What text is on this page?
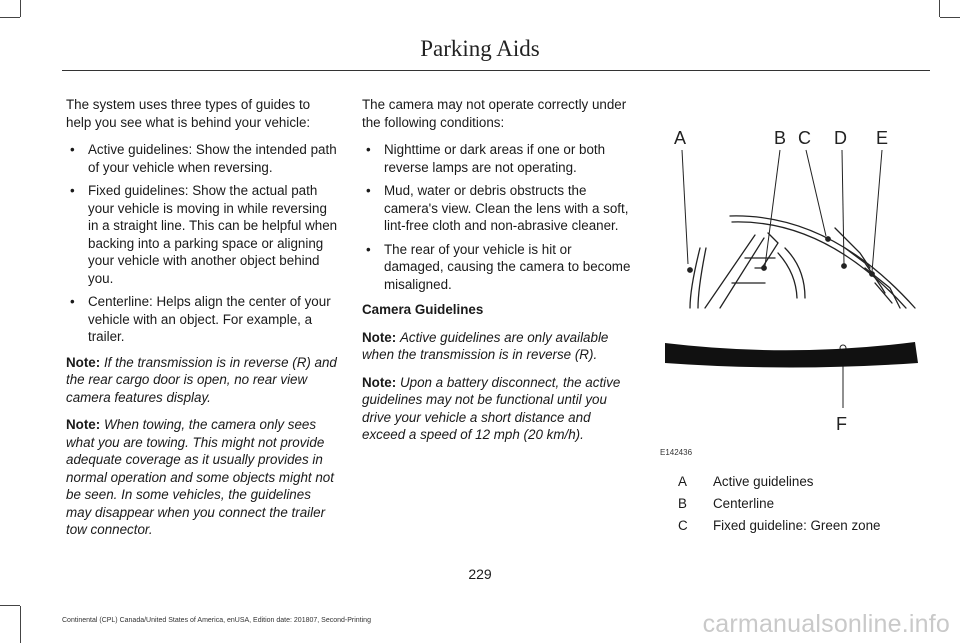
Parking Aids

The system uses three types of guides to help you see what is behind your vehicle:

• Active guidelines: Show the intended path of your vehicle when reversing.
• Fixed guidelines: Show the actual path your vehicle is moving in while reversing in a straight line. This can be helpful when backing into a parking space or aligning your vehicle with another object behind you.
• Centerline: Helps align the center of your vehicle with an object. For example, a trailer.

Note: If the transmission is in reverse (R) and the rear cargo door is open, no rear view camera features display.

Note: When towing, the camera only sees what you are towing. This might not provide adequate coverage as it usually provides in normal operation and some objects might not be seen. In some vehicles, the guidelines may disappear when you connect the trailer tow connector.

The camera may not operate correctly under the following conditions:

• Nighttime or dark areas if one or both reverse lamps are not operating.
• Mud, water or debris obstructs the camera's view. Clean the lens with a soft, lint-free cloth and non-abrasive cleaner.
• The rear of your vehicle is hit or damaged, causing the camera to become misaligned.

Camera Guidelines

Note: Active guidelines are only available when the transmission is in reverse (R).

Note: Upon a battery disconnect, the active guidelines may not be functional until you drive your vehicle a short distance and exceed a speed of 12 mph (20 km/h).

A	B C D E
F
E142436
A Active guidelines
B Centerline
C Fixed guideline: Green zone
229
Continental (CPL) Canada/United States of America, enUSA, Edition date: 201807, Second-Printing	carmanualsonline.info
